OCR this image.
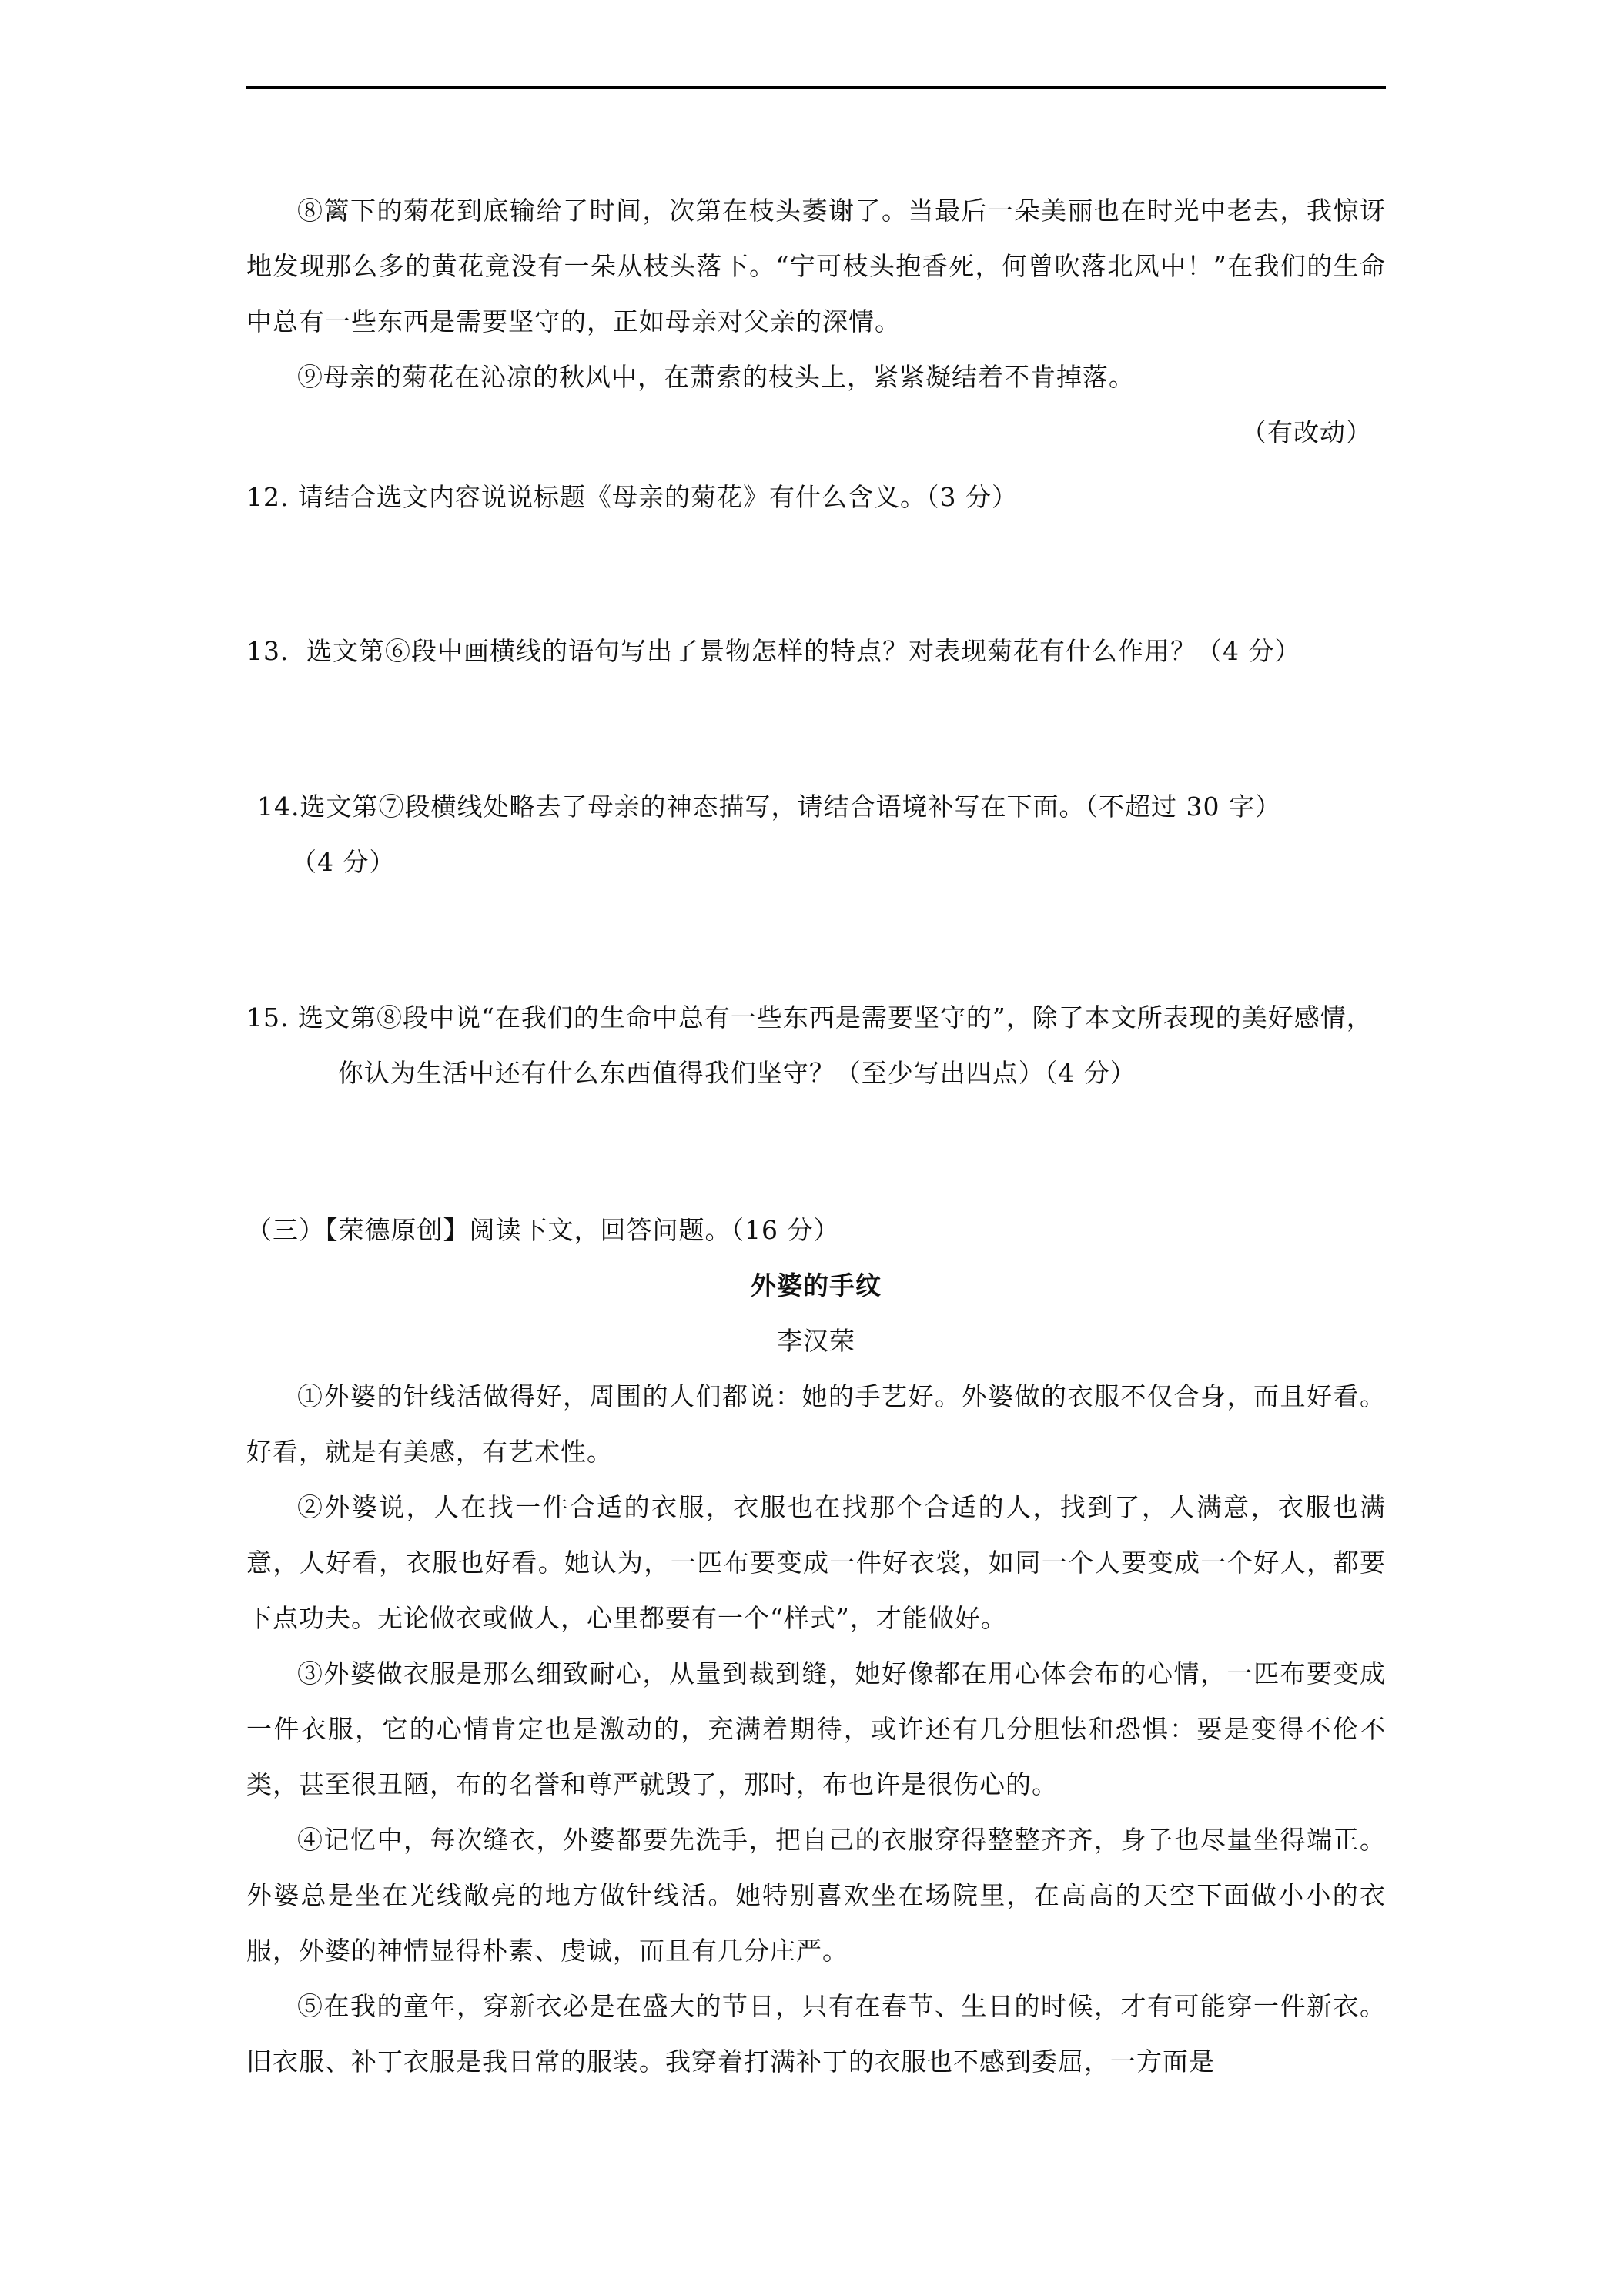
⑧篱下的菊花到底输给了时间，次第在枝头萎谢了。当最后一朵美丽也在时光中老去，我惊讶地发现那么多的黄花竟没有一朵从枝头落下。“宁可枝头抱香死，何曾吹落北风中！”在我们的生命中总有一些东西是需要坚守的，正如母亲对父亲的深情。

⑨母亲的菊花在沁凉的秋风中，在萧索的枝头上，紧紧凝结着不肯掉落。

（有改动）

12. 请结合选文内容说说标题《母亲的菊花》有什么含义。（3 分）

13．选文第⑥段中画横线的语句写出了景物怎样的特点？对表现菊花有什么作用？（4 分）

14.选文第⑦段横线处略去了母亲的神态描写，请结合语境补写在下面。（不超过 30 字）

（4 分）

15. 选文第⑧段中说“在我们的生命中总有一些东西是需要坚守的”，除了本文所表现的美好感情，你认为生活中还有什么东西值得我们坚守？（至少写出四点）（4 分）

（三）【荣德原创】阅读下文，回答问题。（16 分）

外婆的手纹

李汉荣

①外婆的针线活做得好，周围的人们都说：她的手艺好。外婆做的衣服不仅合身，而且好看。好看，就是有美感，有艺术性。

②外婆说，人在找一件合适的衣服，衣服也在找那个合适的人，找到了，人满意，衣服也满意，人好看，衣服也好看。她认为，一匹布要变成一件好衣裳，如同一个人要变成一个好人，都要下点功夫。无论做衣或做人，心里都要有一个“样式”，才能做好。

③外婆做衣服是那么细致耐心，从量到裁到缝，她好像都在用心体会布的心情，一匹布要变成一件衣服，它的心情肯定也是激动的，充满着期待，或许还有几分胆怯和恐惧：要是变得不伦不类，甚至很丑陋，布的名誉和尊严就毁了，那时，布也许是很伤心的。

④记忆中，每次缝衣，外婆都要先洗手，把自己的衣服穿得整整齐齐，身子也尽量坐得端正。外婆总是坐在光线敞亮的地方做针线活。她特别喜欢坐在场院里，在高高的天空下面做小小的衣服，外婆的神情显得朴素、虔诚，而且有几分庄严。

⑤在我的童年，穿新衣必是在盛大的节日，只有在春节、生日的时候，才有可能穿一件新衣。旧衣服、补丁衣服是我日常的服装。我穿着打满补丁的衣服也不感到委屈，一方面是
